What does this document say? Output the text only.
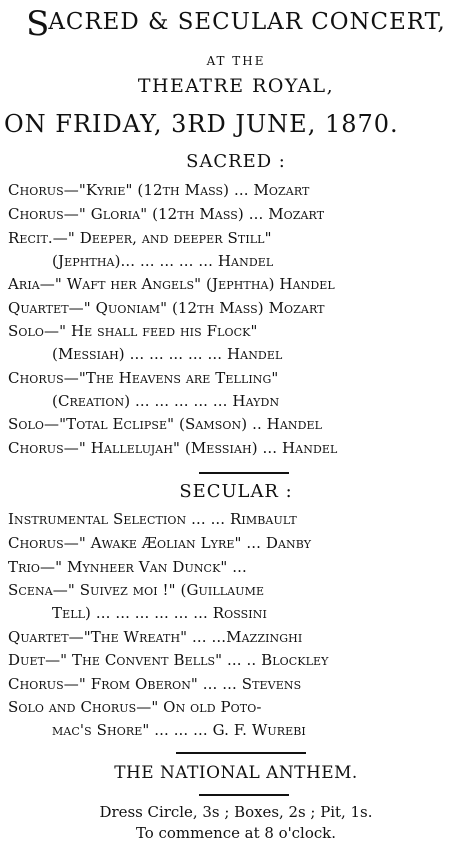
SACRED & SECULAR CONCERT,
AT THE
THEATRE ROYAL,
ON FRIDAY, 3RD JUNE, 1870.
SACRED :
Chorus—"Kyrie" (12th Mass) ... Mozart
Chorus—" Gloria" (12th Mass) ... Mozart
Recit.—" Deeper, and deeper Still"
(Jephtha)... ... ... ... ... Handel
Aria—" Waft her Angels" (Jephtha) Handel
Quartet—" Quoniam" (12th Mass) Mozart
Solo—" He shall feed his Flock"
(Messiah) ... ... ... ... ... Handel
Chorus—"The Heavens are Telling"
(Creation) ... ... ... ... ... Haydn
Solo—"Total Eclipse" (Samson) .. Handel
Chorus—" Hallelujah" (Messiah) ... Handel
SECULAR :
Instrumental Selection ... ... Rimbault
Chorus—" Awake Æolian Lyre" ... Danby
Trio—" Mynheer Van Dunck" ...
Scena—" Suivez moi !" (Guillaume
Tell) ... ... ... ... ... ... Rossini
Quartet—"The Wreath" ... ...Mazzinghi
Duet—" The Convent Bells" ... .. Blockley
Chorus—" From Oberon" ... ... Stevens
Solo and Chorus—" On old Poto-
mac's Shore" ... ... ... G. F. Wurebi
THE NATIONAL ANTHEM.
Dress Circle, 3s ; Boxes, 2s ; Pit, 1s.
To commence at 8 o'clock.
